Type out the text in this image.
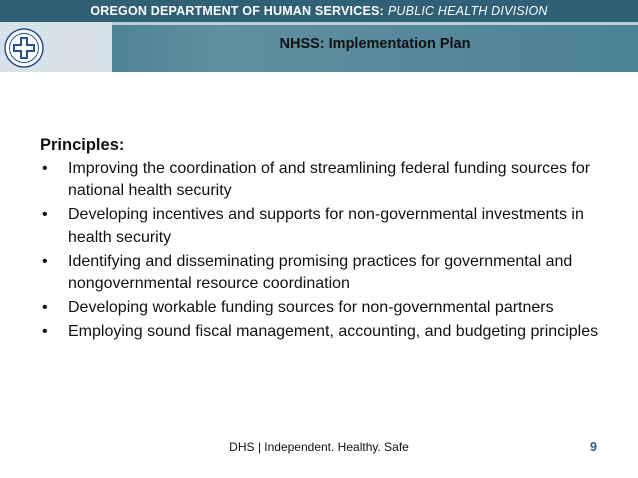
OREGON DEPARTMENT OF HUMAN SERVICES: PUBLIC HEALTH DIVISION
NHSS: Implementation Plan
Principles:
• Improving the coordination of and streamlining federal funding sources for national health security
• Developing incentives and supports for non-governmental investments in health security
• Identifying and disseminating promising practices for governmental and nongovernmental resource coordination
• Developing workable funding sources for non-governmental partners
• Employing sound fiscal management, accounting, and budgeting principles
DHS | Independent. Healthy. Safe	9
